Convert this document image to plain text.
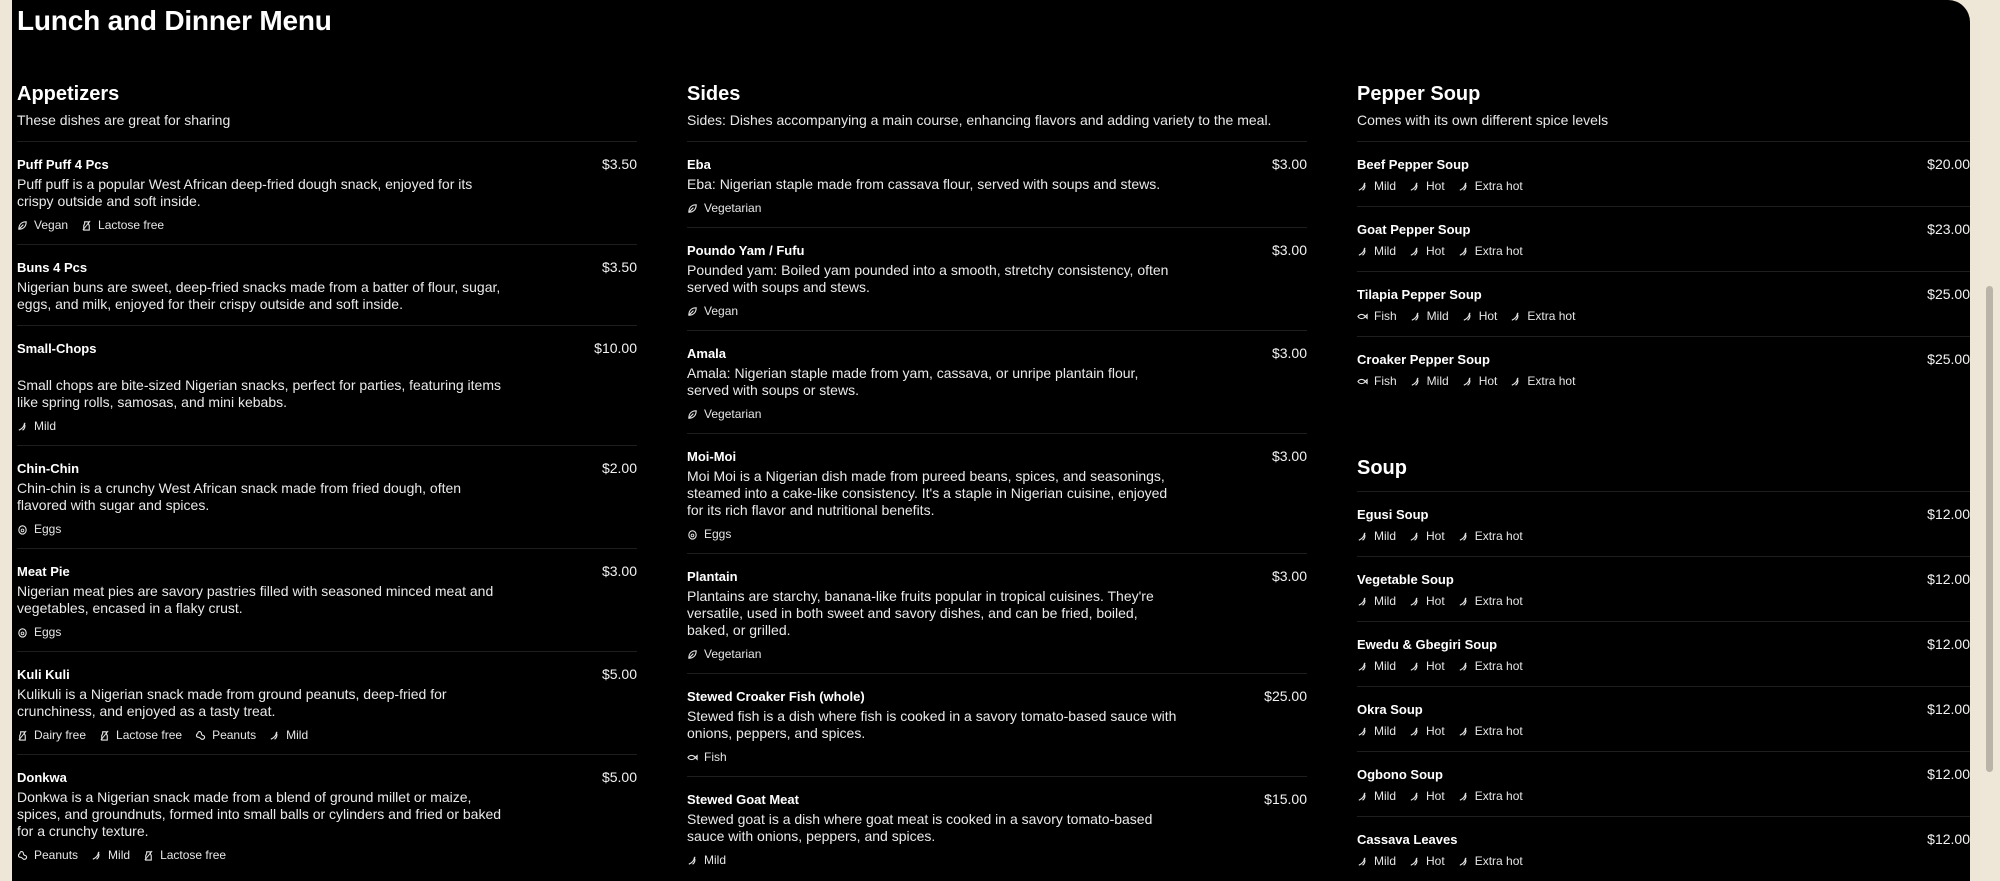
Lunch and Dinner Menu
Appetizers

These dishes are great for sharing

Puff Puff 4 Pcs	$3.50
Puff puff is a popular West African deep-fried dough snack, enjoyed for its crispy outside and soft inside.
Vegan	Lactose free
Buns 4 Pcs	$3.50
Nigerian buns are sweet, deep-fried snacks made from a batter of flour, sugar, eggs, and milk, enjoyed for their crispy outside and soft inside.
Small-Chops	$10.00
Small chops are bite-sized Nigerian snacks, perfect for parties, featuring items like spring rolls, samosas, and mini kebabs.
Mild
Chin-Chin	$2.00
Chin-chin is a crunchy West African snack made from fried dough, often flavored with sugar and spices.
Eggs
Meat Pie	$3.00
Nigerian meat pies are savory pastries filled with seasoned minced meat and vegetables, encased in a flaky crust.
Eggs
Kuli Kuli	$5.00
Kulikuli is a Nigerian snack made from ground peanuts, deep-fried for crunchiness, and enjoyed as a tasty treat.
Dairy free	Lactose free	Peanuts	Mild
Donkwa	$5.00
Donkwa is a Nigerian snack made from a blend of ground millet or maize, spices, and groundnuts, formed into small balls or cylinders and fried or baked for a crunchy texture.
Peanuts	Mild	Lactose free
Sides

Sides: Dishes accompanying a main course, enhancing flavors and adding variety to the meal.

Eba	$3.00
Eba: Nigerian staple made from cassava flour, served with soups and stews.
Vegetarian
Poundo Yam / Fufu	$3.00
Pounded yam: Boiled yam pounded into a smooth, stretchy consistency, often served with soups and stews.
Vegan
Amala	$3.00
Amala: Nigerian staple made from yam, cassava, or unripe plantain flour, served with soups or stews.
Vegetarian
Moi-Moi	$3.00
Moi Moi is a Nigerian dish made from pureed beans, spices, and seasonings, steamed into a cake-like consistency. It's a staple in Nigerian cuisine, enjoyed for its rich flavor and nutritional benefits.
Eggs
Plantain	$3.00
Plantains are starchy, banana-like fruits popular in tropical cuisines. They're versatile, used in both sweet and savory dishes, and can be fried, boiled, baked, or grilled.
Vegetarian
Stewed Croaker Fish (whole)	$25.00
Stewed fish is a dish where fish is cooked in a savory tomato-based sauce with onions, peppers, and spices.
Fish
Stewed Goat Meat	$15.00
Stewed goat is a dish where goat meat is cooked in a savory tomato-based sauce with onions, peppers, and spices.
Mild
Pepper Soup

Comes with its own different spice levels

Beef Pepper Soup	$20.00
Mild	Hot	Extra hot
Goat Pepper Soup	$23.00
Mild	Hot	Extra hot
Tilapia Pepper Soup	$25.00
Fish	Mild	Hot	Extra hot
Croaker Pepper Soup	$25.00
Fish	Mild	Hot	Extra hot
Soup
Egusi Soup	$12.00
Mild	Hot	Extra hot
Vegetable Soup	$12.00
Mild	Hot	Extra hot
Ewedu & Gbegiri Soup	$12.00
Mild	Hot	Extra hot
Okra Soup	$12.00
Mild	Hot	Extra hot
Ogbono Soup	$12.00
Mild	Hot	Extra hot
Cassava Leaves	$12.00
Mild	Hot	Extra hot
